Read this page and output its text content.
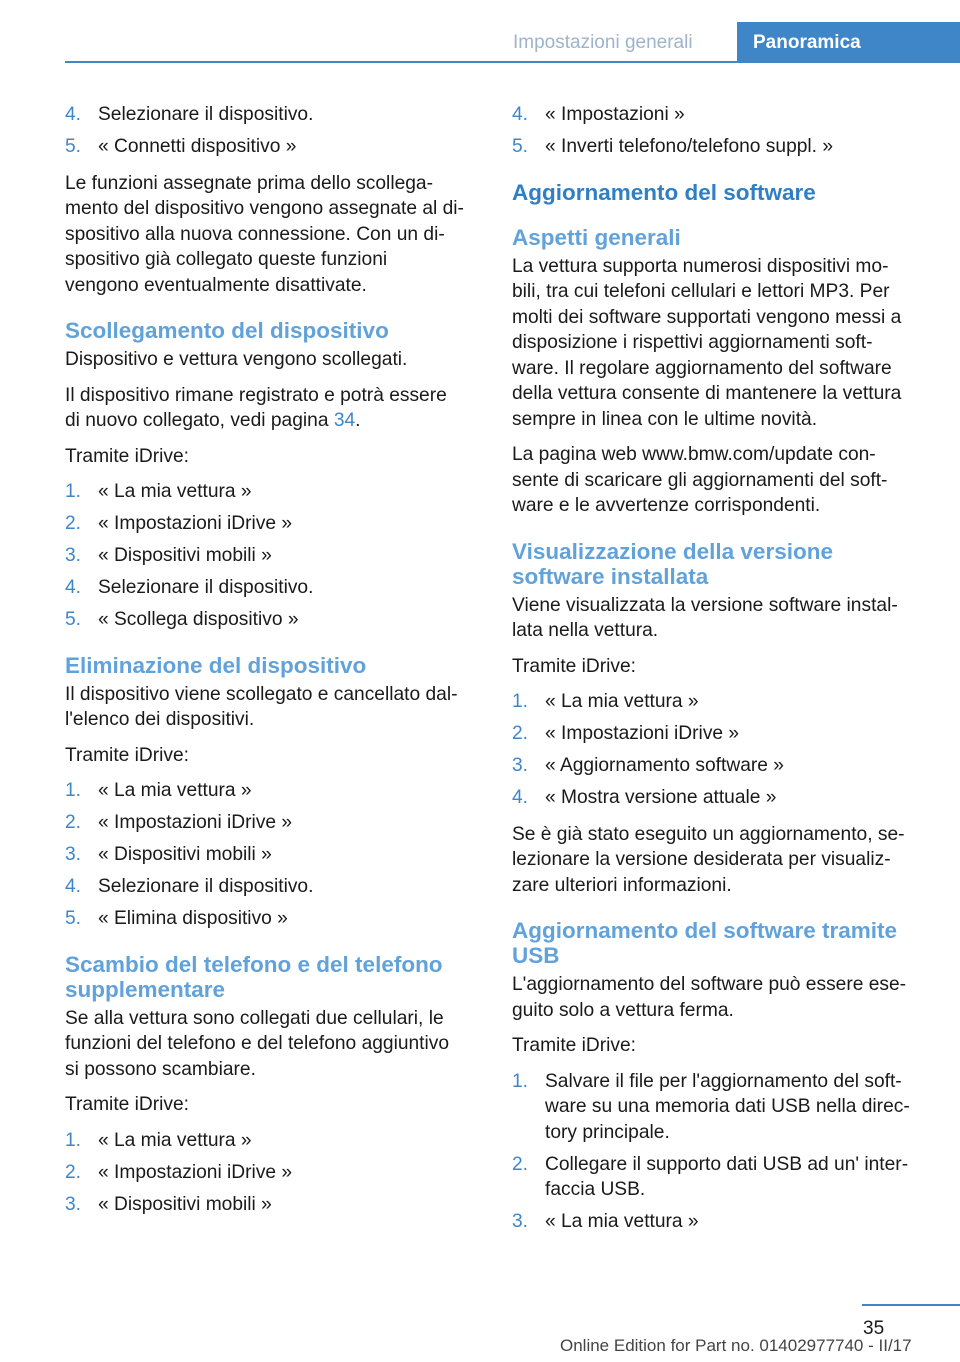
Impostazioni generali	Panoramica
4. Selezionare il dispositivo.
5. « Connetti dispositivo »

Le funzioni assegnate prima dello scollega-
mento del dispositivo vengono assegnate al di-
spositivo alla nuova connessione. Con un di-
spositivo già collegato queste funzioni
vengono eventualmente disattivate.

Scollegamento del dispositivo

Dispositivo e vettura vengono scollegati.

Il dispositivo rimane registrato e potrà essere
di nuovo collegato, vedi pagina 34.

Tramite iDrive:

1. « La mia vettura »
2. « Impostazioni iDrive »
3. « Dispositivi mobili »
4. Selezionare il dispositivo.
5. « Scollega dispositivo »
Eliminazione del dispositivo

Il dispositivo viene scollegato e cancellato dal-
l'elenco dei dispositivi.

Tramite iDrive:

1. « La mia vettura »
2. « Impostazioni iDrive »
3. « Dispositivi mobili »
4. Selezionare il dispositivo.
5. « Elimina dispositivo »
Scambio del telefono e del telefono
supplementare

Se alla vettura sono collegati due cellulari, le
funzioni del telefono e del telefono aggiuntivo
si possono scambiare.

Tramite iDrive:

1. « La mia vettura »
2. « Impostazioni iDrive »
3. « Dispositivi mobili »
4. « Impostazioni »
5. « Inverti telefono/telefono suppl. »
Aggiornamento del software
Aspetti generali

La vettura supporta numerosi dispositivi mo-
bili, tra cui telefoni cellulari e lettori MP3. Per
molti dei software supportati vengono messi a
disposizione i rispettivi aggiornamenti soft-
ware. Il regolare aggiornamento del software
della vettura consente di mantenere la vettura
sempre in linea con le ultime novità.

La pagina web www.bmw.com/update con-
sente di scaricare gli aggiornamenti del soft-
ware e le avvertenze corrispondenti.

Visualizzazione della versione
software installata

Viene visualizzata la versione software instal-
lata nella vettura.

Tramite iDrive:

1. « La mia vettura »
2. « Impostazioni iDrive »
3. « Aggiornamento software »
4. « Mostra versione attuale »

Se è già stato eseguito un aggiornamento, se-
lezionare la versione desiderata per visualiz-
zare ulteriori informazioni.

Aggiornamento del software tramite
USB

L'aggiornamento del software può essere ese-
guito solo a vettura ferma.

Tramite iDrive:

1. Salvare il file per l'aggiornamento del soft-
ware su una memoria dati USB nella direc-
tory principale.
2. Collegare il supporto dati USB ad un' inter-
faccia USB.
3. « La mia vettura »
35
Online Edition for Part no. 01402977740 - II/17
